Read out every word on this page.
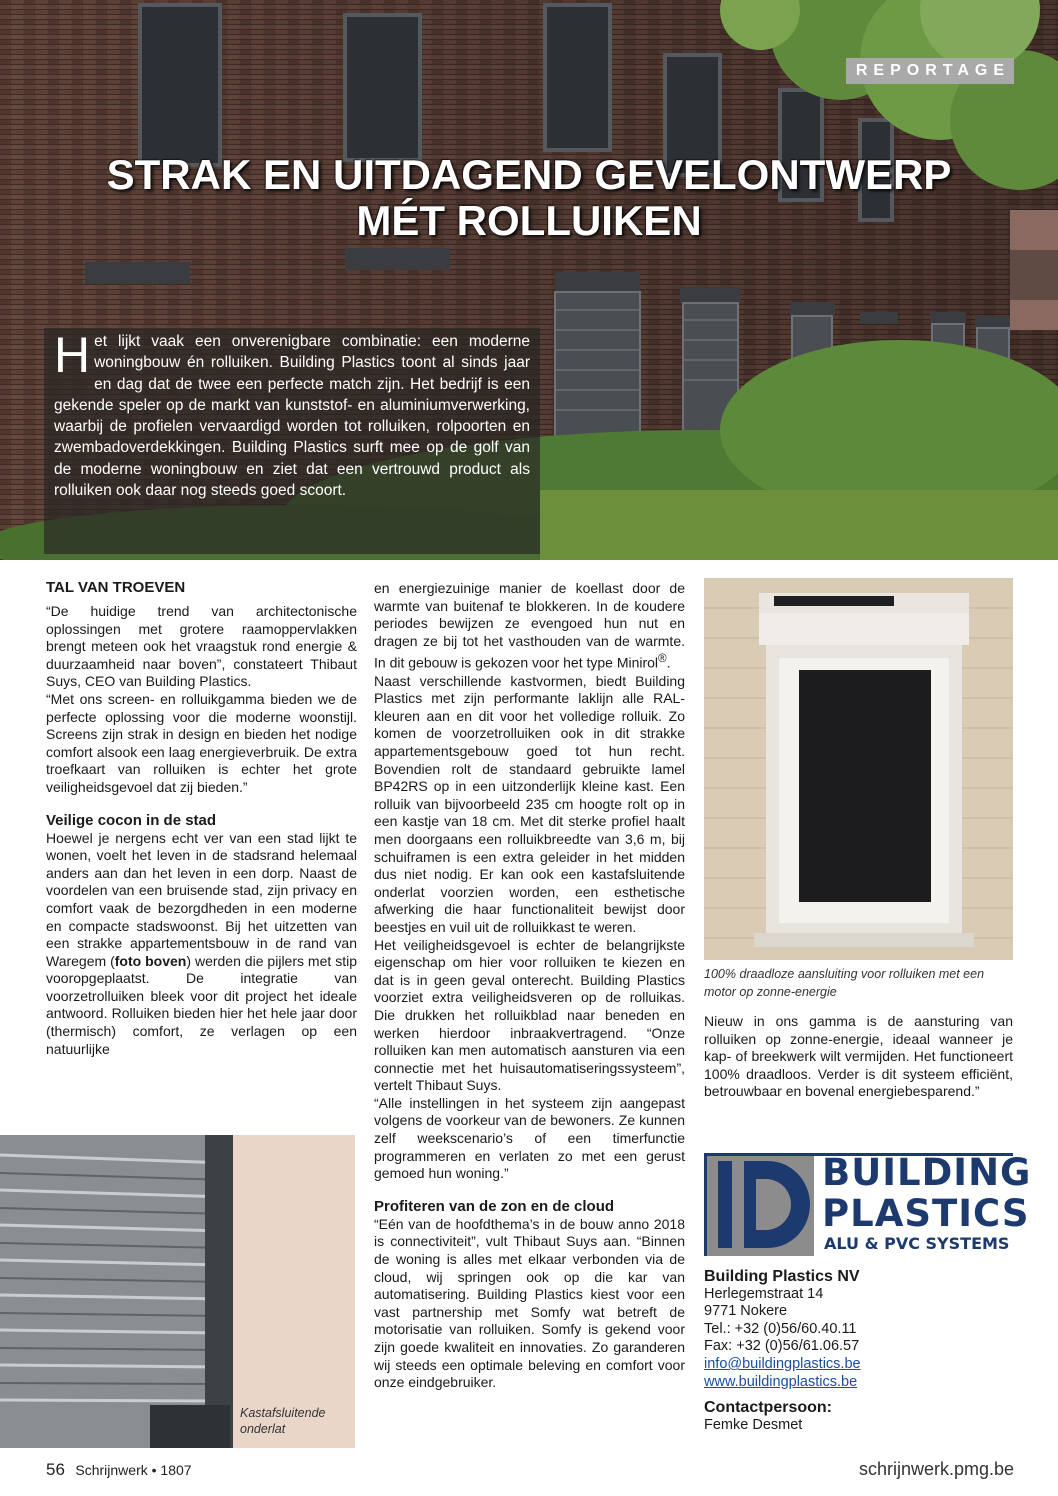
REPORTAGE
STRAK EN UITDAGEND GEVELONTWERP
MÉT ROLLUIKEN
Het lijkt vaak een onverenigbare combinatie: een moderne woningbouw én rolluiken. Building Plastics toont al sinds jaar en dag dat de twee een perfecte match zijn. Het bedrijf is een gekende speler op de markt van kunststof- en aluminiumverwerking, waarbij de profielen vervaardigd worden tot rolluiken, rolpoorten en zwembadoverdekkingen. Building Plastics surft mee op de golf van de moderne woningbouw en ziet dat een vertrouwd product als rolluiken ook daar nog steeds goed scoort.
TAL VAN TROEVEN

“De huidige trend van architectonische oplossingen met grotere raamoppervlakken brengt meteen ook het vraagstuk rond energie & duurzaamheid naar boven”, constateert Thibaut Suys, CEO van Building Plastics.

“Met ons screen- en rolluikgamma bieden we de perfecte oplossing voor die moderne woonstijl. Screens zijn strak in design en bieden het nodige comfort alsook een laag energieverbruik. De extra troefkaart van rolluiken is echter het grote veiligheidsgevoel dat zij bieden.”

Veilige cocon in de stad

Hoewel je nergens echt ver van een stad lijkt te wonen, voelt het leven in de stadsrand helemaal anders aan dan het leven in een dorp. Naast de voordelen van een bruisende stad, zijn privacy en comfort vaak de bezorgdheden in een moderne en compacte stadswoonst. Bij het uitzetten van een strakke appartementsbouw in de rand van Waregem (foto boven) werden die pijlers met stip vooropgeplaatst. De integratie van voorzetrolluiken bleek voor dit project het ideale antwoord. Rolluiken bieden hier het hele jaar door (thermisch) comfort, ze verlagen op een natuurlijke

Kastafsluitende
onderlat

en energiezuinige manier de koellast door de warmte van buitenaf te blokkeren. In de koudere periodes bewijzen ze evengoed hun nut en dragen ze bij tot het vasthouden van de warmte. In dit gebouw is gekozen voor het type Minirol®.

Naast verschillende kastvormen, biedt Building Plastics met zijn performante laklijn alle RAL-kleuren aan en dit voor het volledige rolluik. Zo komen de voorzetrolluiken ook in dit strakke appartementsgebouw goed tot hun recht. Bovendien rolt de standaard gebruikte lamel BP42RS op in een uitzonderlijk kleine kast. Een rolluik van bijvoorbeeld 235 cm hoogte rolt op in een kastje van 18 cm. Met dit sterke profiel haalt men doorgaans een rolluikbreedte van 3,6 m, bij schuiframen is een extra geleider in het midden dus niet nodig. Er kan ook een kastafsluitende onderlat voorzien worden, een esthetische afwerking die haar functionaliteit bewijst door beestjes en vuil uit de rolluikkast te weren.

Het veiligheidsgevoel is echter de belangrijkste eigenschap om hier voor rolluiken te kiezen en dat is in geen geval onterecht. Building Plastics voorziet extra veiligheidsveren op de rolluikas. Die drukken het rolluikblad naar beneden en werken hierdoor inbraakvertragend. “Onze rolluiken kan men automatisch aansturen via een connectie met het huisautomatiseringssysteem”, vertelt Thibaut Suys.

“Alle instellingen in het systeem zijn aangepast volgens de voorkeur van de bewoners. Ze kunnen zelf weekscenario’s of een timerfunctie programmeren en verlaten zo met een gerust gemoed hun woning.”

Profiteren van de zon en de cloud

“Eén van de hoofdthema’s in de bouw anno 2018 is connectiviteit”, vult Thibaut Suys aan. “Binnen de woning is alles met elkaar verbonden via de cloud, wij springen ook op die kar van automatisering. Building Plastics kiest voor een vast partnership met Somfy wat betreft de motorisatie van rolluiken. Somfy is gekend voor zijn goede kwaliteit en innovaties. Zo garanderen wij steeds een optimale beleving en comfort voor onze eindgebruiker.

100% draadloze aansluiting voor rolluiken met een motor op zonne-energie

Nieuw in ons gamma is de aansturing van rolluiken op zonne-energie, ideaal wanneer je kap- of breekwerk wilt vermijden. Het functioneert 100% draadloos. Verder is dit systeem efficiënt, betrouwbaar en bovenal energiebesparend.”

BUILDING
PLASTICS
ALU & PVC SYSTEMS
Building Plastics NV
Herlegemstraat 14
9771 Nokere
Tel.: +32 (0)56/60.40.11
Fax: +32 (0)56/61.06.57
info@buildingplastics.be
www.buildingplastics.be
Contactpersoon:
Femke Desmet
56 Schrijnwerk • 1807	schrijnwerk.pmg.be
